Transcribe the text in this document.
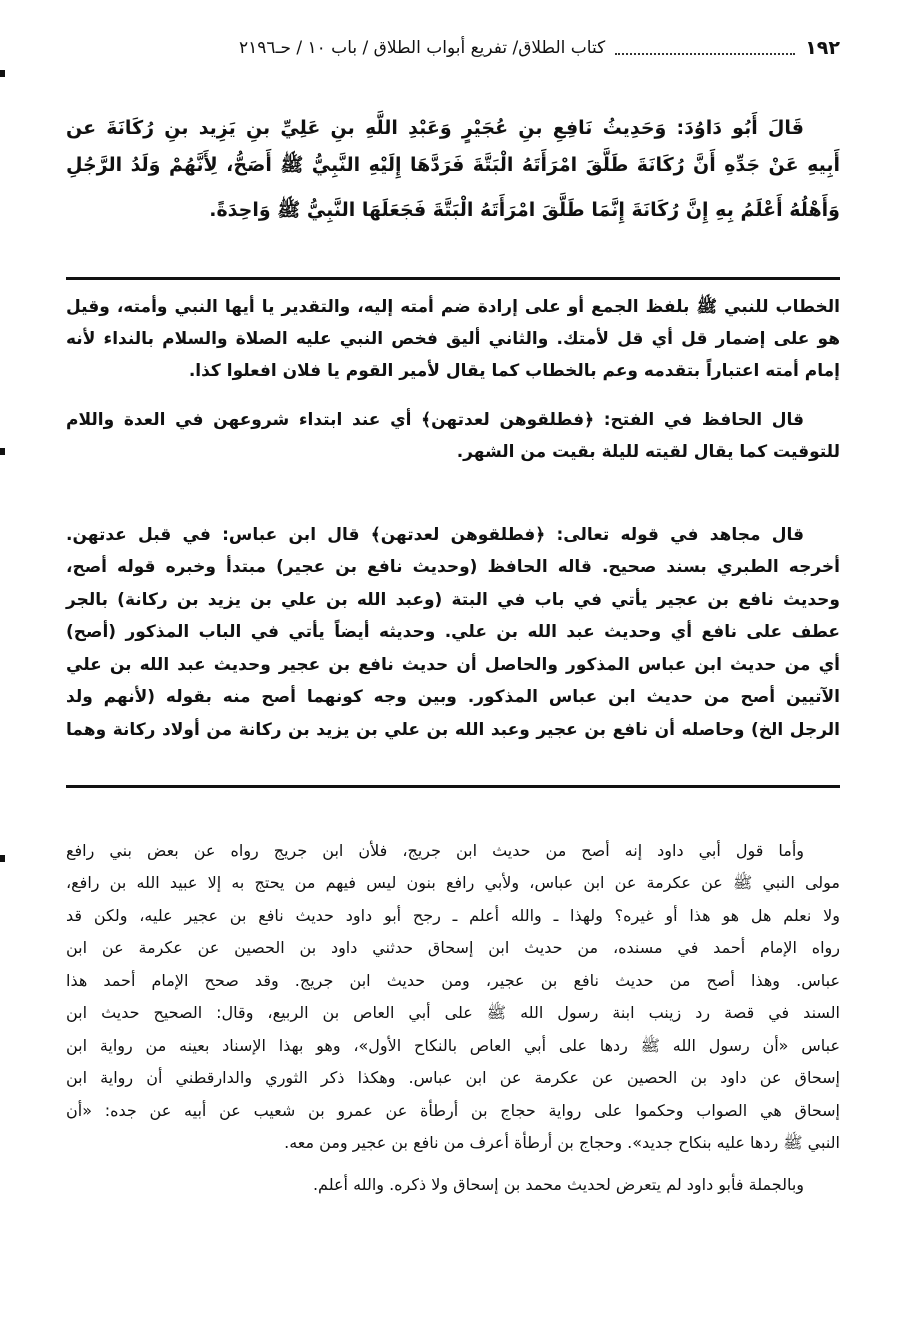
١٩٢
كتاب الطلاق/ تفريع أبواب الطلاق / باب ١٠ / حـ٢١٩٦
قَالَ أَبُو دَاوُدَ: وَحَدِيثُ نَافِعِ بنِ عُجَيْرٍ وَعَبْدِ اللَّهِ بنِ عَلِيِّ بنِ يَزِيد بنِ رُكَانَةَ عن
أَبِيهِ عَنْ جَدِّهِ أَنَّ رُكَانَةَ طَلَّقَ امْرَأَتَهُ الْبَتَّةَ فَرَدَّهَا إِلَيْهِ النَّبِيُّ ﷺ أَصَحُّ، لِأَنَّهُمْ وَلَدُ الرَّجُلِ
وَأَهْلُهُ أَعْلَمُ بِهِ إِنَّ رُكَانَةَ إِنَّمَا طَلَّقَ امْرَأَتَهُ الْبَتَّةَ فَجَعَلَهَا النَّبِيُّ ﷺ وَاحِدَةً.
الخطاب للنبي ﷺ بلفظ الجمع أو على إرادة ضم أمته إليه، والتقدير يا أيها النبي وأمته، وقيل
هو على إضمار قل أي قل لأمتك. والثاني أليق فخص النبي عليه الصلاة والسلام بالنداء لأنه
إمام أمته اعتباراً بتقدمه وعم بالخطاب كما يقال لأمير القوم يا فلان افعلوا كذا.
قال الحافظ في الفتح: ﴿فطلقوهن لعدتهن﴾ أي عند ابتداء شروعهن في العدة واللام
للتوقيت كما يقال لقيته لليلة بقيت من الشهر.
قال مجاهد في قوله تعالى: ﴿فطلقوهن لعدتهن﴾ قال ابن عباس: في قبل عدتهن.
أخرجه الطبري بسند صحيح. قاله الحافظ (وحديث نافع بن عجير) مبتدأ وخبره قوله أصح،
وحديث نافع بن عجير يأتي في باب في البتة (وعبد الله بن علي بن يزيد بن ركانة) بالجر
عطف على نافع أي وحديث عبد الله بن علي. وحديثه أيضاً يأتي في الباب المذكور (أصح)
أي من حديث ابن عباس المذكور والحاصل أن حديث نافع بن عجير وحديث عبد الله بن علي
الآتيين أصح من حديث ابن عباس المذكور. وبين وجه كونهما أصح منه بقوله (لأنهم ولد
الرجل الخ) وحاصله أن نافع بن عجير وعبد الله بن علي بن يزيد بن ركانة من أولاد ركانة وهما
وأما قول أبي داود إنه أصح من حديث ابن جريج، فلأن ابن جريج رواه عن بعض بني رافع
مولى النبي ﷺ عن عكرمة عن ابن عباس، ولأبي رافع بنون ليس فيهم من يحتج به إلا عبيد الله بن رافع،
ولا نعلم هل هو هذا أو غيره؟ ولهذا ـ والله أعلم ـ رجح أبو داود حديث نافع بن عجير عليه، ولكن قد
رواه الإمام أحمد في مسنده، من حديث ابن إسحاق حدثني داود بن الحصين عن عكرمة عن ابن
عباس. وهذا أصح من حديث نافع بن عجير، ومن حديث ابن جريج. وقد صحح الإمام أحمد هذا
السند في قصة رد زينب ابنة رسول الله ﷺ على أبي العاص بن الربيع، وقال: الصحيح حديث ابن
عباس «أن رسول الله ﷺ ردها على أبي العاص بالنكاح الأول»، وهو بهذا الإسناد بعينه من رواية ابن
إسحاق عن داود بن الحصين عن عكرمة عن ابن عباس. وهكذا ذكر الثوري والدارقطني أن رواية ابن
إسحاق هي الصواب وحكموا على رواية حجاج بن أرطأة عن عمرو بن شعيب عن أبيه عن جده: «أن
النبي ﷺ ردها عليه بنكاح جديد». وحجاج بن أرطأة أعرف من نافع بن عجير ومن معه.
وبالجملة فأبو داود لم يتعرض لحديث محمد بن إسحاق ولا ذكره. والله أعلم.
